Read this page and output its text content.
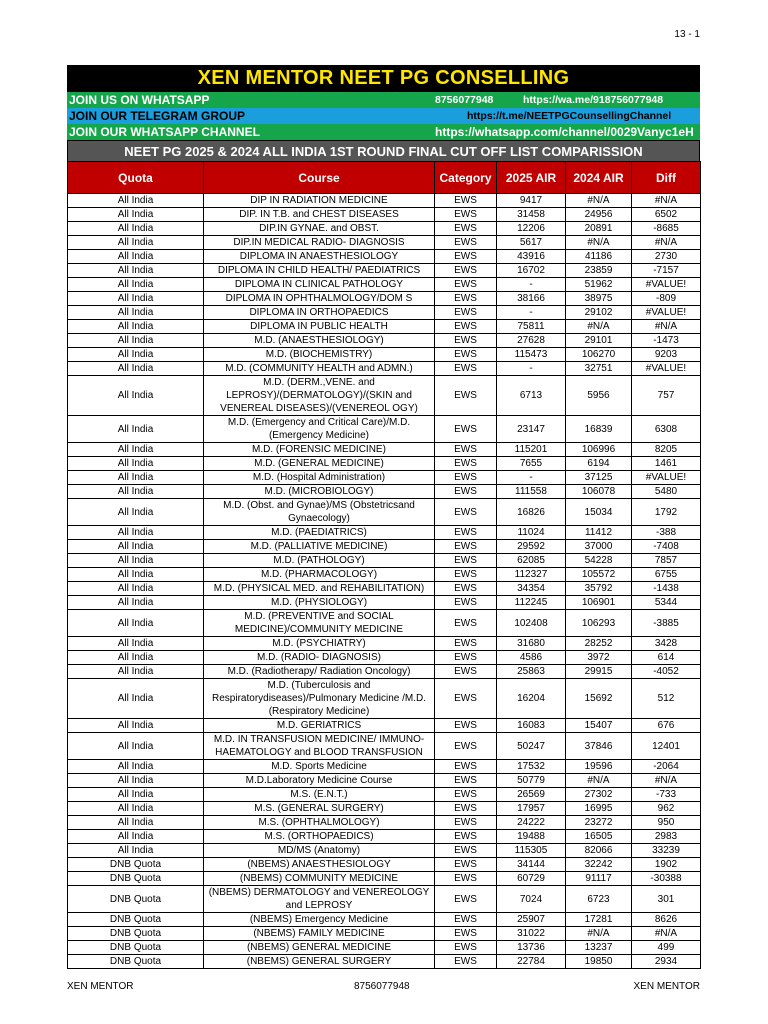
13 - 1
XEN MENTOR NEET PG CONSELLING
JOIN US ON WHATSAPP	8756077948	https://wa.me/918756077948
JOIN OUR TELEGRAM GROUP	https://t.me/NEETPGCounsellingChannel
JOIN OUR WHATSAPP CHANNEL	https://whatsapp.com/channel/0029Vanyc1eH
NEET PG 2025 & 2024 ALL INDIA 1ST ROUND FINAL CUT OFF LIST COMPARISSION
Quota	Course	Category	2025 AIR	2024 AIR	Diff
All India	DIP IN RADIATION MEDICINE	EWS	9417	#N/A	#N/A
All India	DIP. IN T.B. and CHEST DISEASES	EWS	31458	24956	6502
All India	DIP.IN GYNAE. and OBST.	EWS	12206	20891	-8685
All India	DIP.IN MEDICAL RADIO- DIAGNOSIS	EWS	5617	#N/A	#N/A
All India	DIPLOMA IN ANAESTHESIOLOGY	EWS	43916	41186	2730
All India	DIPLOMA IN CHILD HEALTH/ PAEDIATRICS	EWS	16702	23859	-7157
All India	DIPLOMA IN CLINICAL PATHOLOGY	EWS	-	51962	#VALUE!
All India	DIPLOMA IN OPHTHALMOLOGY/DOM S	EWS	38166	38975	-809
All India	DIPLOMA IN ORTHOPAEDICS	EWS	-	29102	#VALUE!
All India	DIPLOMA IN PUBLIC HEALTH	EWS	75811	#N/A	#N/A
All India	M.D. (ANAESTHESIOLOGY)	EWS	27628	29101	-1473
All India	M.D. (BIOCHEMISTRY)	EWS	115473	106270	9203
All India	M.D. (COMMUNITY HEALTH and ADMN.)	EWS	-	32751	#VALUE!
All India	M.D. (DERM.,VENE. and LEPROSY)/(DERMATOLOGY)/(SKIN and VENEREAL DISEASES)/(VENEREOL OGY)	EWS	6713	5956	757
All India	M.D. (Emergency and Critical Care)/M.D.(Emergency Medicine)	EWS	23147	16839	6308
All India	M.D. (FORENSIC MEDICINE)	EWS	115201	106996	8205
All India	M.D. (GENERAL MEDICINE)	EWS	7655	6194	1461
All India	M.D. (Hospital Administration)	EWS	-	37125	#VALUE!
All India	M.D. (MICROBIOLOGY)	EWS	111558	106078	5480
All India	M.D. (Obst. and Gynae)/MS (Obstetricsand Gynaecology)	EWS	16826	15034	1792
All India	M.D. (PAEDIATRICS)	EWS	11024	11412	-388
All India	M.D. (PALLIATIVE MEDICINE)	EWS	29592	37000	-7408
All India	M.D. (PATHOLOGY)	EWS	62085	54228	7857
All India	M.D. (PHARMACOLOGY)	EWS	112327	105572	6755
All India	M.D. (PHYSICAL MED. and REHABILITATION)	EWS	34354	35792	-1438
All India	M.D. (PHYSIOLOGY)	EWS	112245	106901	5344
All India	M.D. (PREVENTIVE and SOCIAL MEDICINE)/COMMUNITY MEDICINE	EWS	102408	106293	-3885
All India	M.D. (PSYCHIATRY)	EWS	31680	28252	3428
All India	M.D. (RADIO- DIAGNOSIS)	EWS	4586	3972	614
All India	M.D. (Radiotherapy/ Radiation Oncology)	EWS	25863	29915	-4052
All India	M.D. (Tuberculosis and Respiratorydiseases)/Pulmonary Medicine /M.D. (Respiratory Medicine)	EWS	16204	15692	512
All India	M.D. GERIATRICS	EWS	16083	15407	676
All India	M.D. IN TRANSFUSION MEDICINE/ IMMUNO-HAEMATOLOGY and BLOOD TRANSFUSION	EWS	50247	37846	12401
All India	M.D. Sports Medicine	EWS	17532	19596	-2064
All India	M.D.Laboratory Medicine Course	EWS	50779	#N/A	#N/A
All India	M.S. (E.N.T.)	EWS	26569	27302	-733
All India	M.S. (GENERAL SURGERY)	EWS	17957	16995	962
All India	M.S. (OPHTHALMOLOGY)	EWS	24222	23272	950
All India	M.S. (ORTHOPAEDICS)	EWS	19488	16505	2983
All India	MD/MS (Anatomy)	EWS	115305	82066	33239
DNB Quota	(NBEMS) ANAESTHESIOLOGY	EWS	34144	32242	1902
DNB Quota	(NBEMS) COMMUNITY MEDICINE	EWS	60729	91117	-30388
DNB Quota	(NBEMS) DERMATOLOGY and VENEREOLOGY and LEPROSY	EWS	7024	6723	301
DNB Quota	(NBEMS) Emergency Medicine	EWS	25907	17281	8626
DNB Quota	(NBEMS) FAMILY MEDICINE	EWS	31022	#N/A	#N/A
DNB Quota	(NBEMS) GENERAL MEDICINE	EWS	13736	13237	499
DNB Quota	(NBEMS) GENERAL SURGERY	EWS	22784	19850	2934
XEN MENTOR	8756077948	XEN MENTOR
